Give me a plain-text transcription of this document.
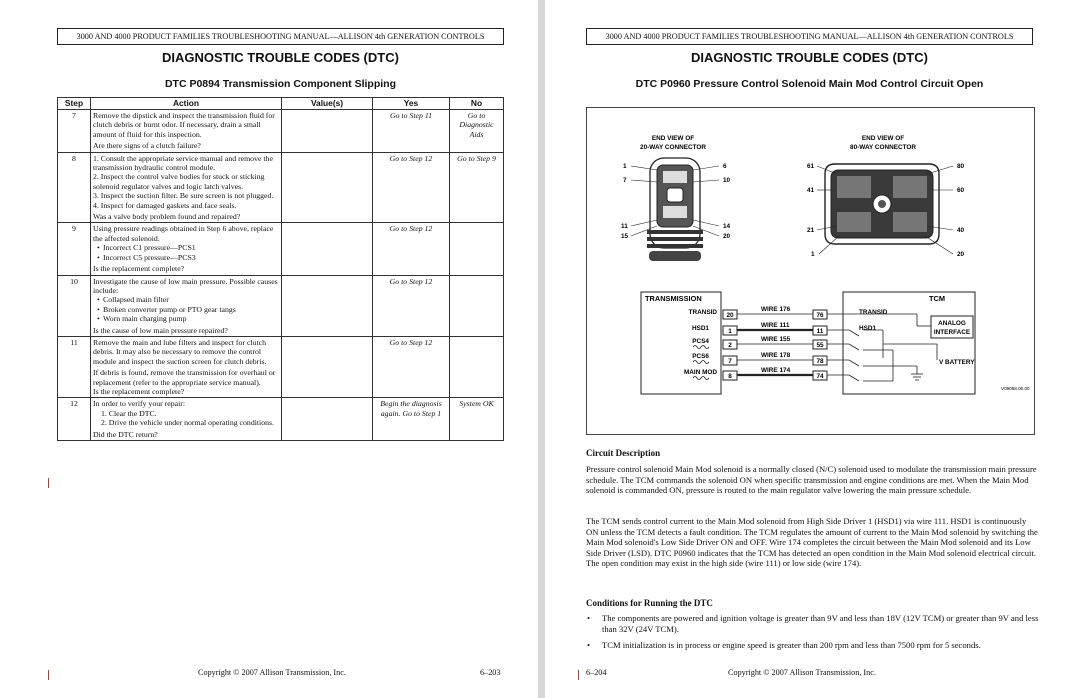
3000 AND 4000 PRODUCT FAMILIES TROUBLESHOOTING MANUAL—ALLISON 4th GENERATION CONTROLS
DIAGNOSTIC TROUBLE CODES (DTC)
DTC P0894 Transmission Component Slipping
Step	Action	Value(s)	Yes	No
7	Remove the dipstick and inspect the transmission fluid for clutch debris or burnt odor. If necessary, drain a small amount of fluid for this inspection.
Are there signs of a clutch failure?		Go to Step 11	Go to Diagnostic Aids
8	1. Consult the appropriate service manual and remove the transmission hydraulic control module.
2. Inspect the control valve bodies for stuck or sticking solenoid regulator valves and logic latch valves.
3. Inspect the suction filter. Be sure screen is not plugged.
4. Inspect for damaged gaskets and face seals.
Was a valve body problem found and repaired?		Go to Step 12	Go to Step 9
9	Using pressure readings obtained in Step 6 above, replace the affected solenoid.
• Incorrect C1 pressure—PCS1
• Incorrect C5 pressure—PCS3
Is the replacement complete?		Go to Step 12	
10	Investigate the cause of low main pressure. Possible causes include:
• Collapsed main filter
• Broken converter pump or PTO gear tangs
• Worn main charging pump
Is the cause of low main pressure repaired?		Go to Step 12	
11	Remove the main and lube filters and inspect for clutch debris. It may also be necessary to remove the control module and inspect the suction screen for clutch debris.
If debris is found, remove the transmission for overhaul or replacement (refer to the appropriate service manual).
Is the replacement complete?		Go to Step 12	
12	In order to verify your repair:
1. Clear the DTC.
2. Drive the vehicle under normal operating conditions.
Did the DTC return?		Begin the diagnosis again. Go to Step 1	System OK
Copyright © 2007 Allison Transmission, Inc.	6–203
3000 AND 4000 PRODUCT FAMILIES TROUBLESHOOTING MANUAL—ALLISON 4th GENERATION CONTROLS
DIAGNOSTIC TROUBLE CODES (DTC)
DTC P0960 Pressure Control Solenoid Main Mod Control Circuit Open
END VIEW OF
20-WAY CONNECTOR
END VIEW OF
80-WAY CONNECTOR
1
7
11
15
6
10
14
20
61
41
21
1
80
60
40
20
TRANSMISSION	TCM
TRANSID
HSD1
PCS4
PCS6
MAIN MOD
20
1
2
7
8
WIRE 176
WIRE 111
WIRE 155
WIRE 178
WIRE 174
76
11
55
78
74
TRANSID
HSD1
ANALOG
INTERFACE
V BATTERY
V09058.00.00
Circuit Description
Pressure control solenoid Main Mod solenoid is a normally closed (N/C) solenoid used to modulate the transmission main pressure schedule. The TCM commands the solenoid ON when specific transmission and engine conditions are met. When the Main Mod solenoid is commanded ON, pressure is routed to the main regulator valve lowering the main pressure schedule.
The TCM sends control current to the Main Mod solenoid from High Side Driver 1 (HSD1) via wire 111. HSD1 is continuously ON unless the TCM detects a fault condition. The TCM regulates the amount of current to the Main Mod solenoid by switching the Main Mod solenoid's Low Side Driver ON and OFF. Wire 174 completes the circuit between the Main Mod solenoid and its Low Side Driver (LSD). DTC P0960 indicates that the TCM has detected an open condition in the Main Mod solenoid electrical circuit. The open condition may exist in the high side (wire 111) or low side (wire 174).
Conditions for Running the DTC
• The components are powered and ignition voltage is greater than 9V and less than 18V (12V TCM) or greater than 9V and less than 32V (24V TCM).
• TCM initialization is in process or engine speed is greater than 200 rpm and less than 7500 rpm for 5 seconds.
6–204	Copyright © 2007 Allison Transmission, Inc.
